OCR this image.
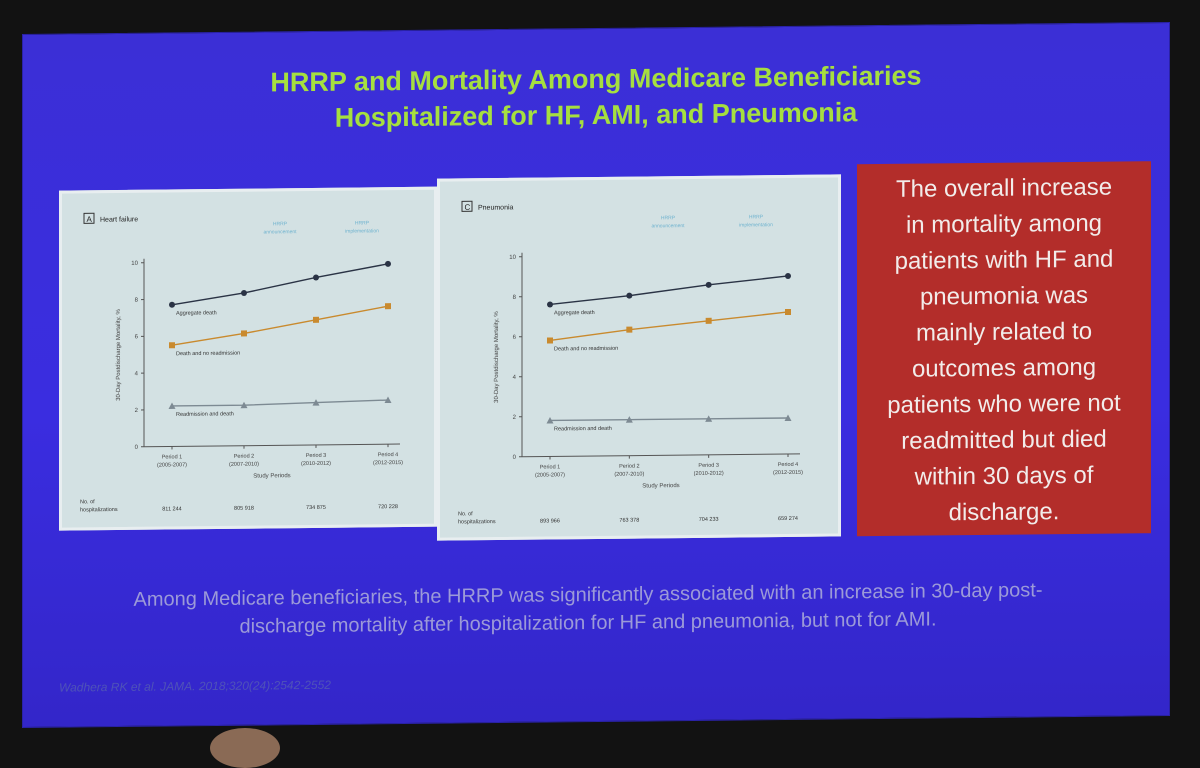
HRRP and Mortality Among Medicare Beneficiaries
Hospitalized for HF, AMI, and Pneumonia
A Heart failure
HRRP
announcement
HRRP
implementation
0
2
4
6
8
10
30-Day Postdischarge Mortality, %
Period 1
(2005-2007)
Period 2
(2007-2010)
Period 3
(2010-2012)
Period 4
(2012-2015)
Study Periods
Aggregate death
Death and no readmission
Readmission and death
No. of
hospitalizations	811 244	805 918	734 875	720 228
C Pneumonia
HRRP
announcement
HRRP
implementation
0
2
4
6
8
10
30-Day Postdischarge Mortality, %
Period 1
(2005-2007)
Period 2
(2007-2010)
Period 3
(2010-2012)
Period 4
(2012-2015)
Study Periods
Aggregate death
Death and no readmission
Readmission and death
No. of
hospitalizations	893 966	763 378	704 233	659 274
The overall increase
in mortality among
patients with HF and
pneumonia was
mainly related to
outcomes among
patients who were not
readmitted but died
within 30 days of
discharge.
Among Medicare beneficiaries, the HRRP was significantly associated with an increase in 30-day post-
discharge mortality after hospitalization for HF and pneumonia, but not for AMI.
Wadhera RK et al. JAMA. 2018;320(24):2542-2552
